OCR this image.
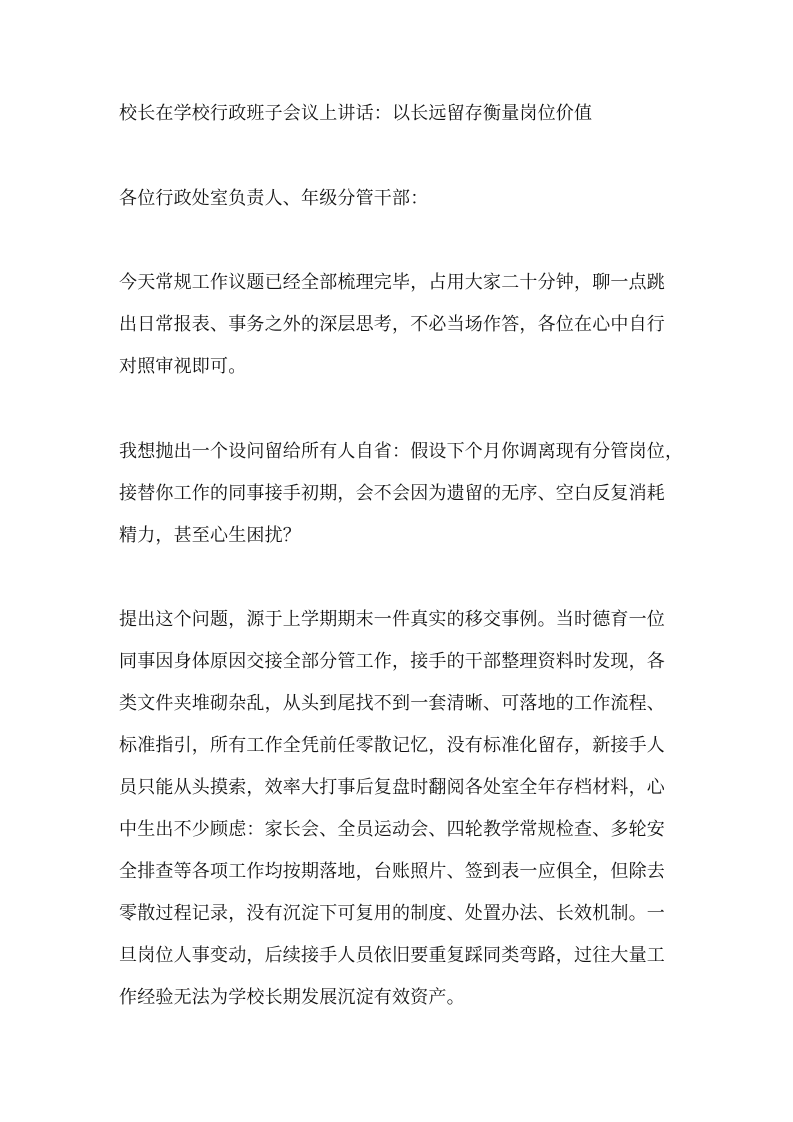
校长在学校行政班子会议上讲话：以长远留存衡量岗位价值
各位行政处室负责人、年级分管干部：
今天常规工作议题已经全部梳理完毕，占用大家二十分钟，聊一点跳
出日常报表、事务之外的深层思考，不必当场作答，各位在心中自行
对照审视即可。
我想抛出一个设问留给所有人自省：假设下个月你调离现有分管岗位，
接替你工作的同事接手初期，会不会因为遗留的无序、空白反复消耗
精力，甚至心生困扰？
提出这个问题，源于上学期期末一件真实的移交事例。当时德育一位
同事因身体原因交接全部分管工作，接手的干部整理资料时发现，各
类文件夹堆砌杂乱，从头到尾找不到一套清晰、可落地的工作流程、
标准指引，所有工作全凭前任零散记忆，没有标准化留存，新接手人
员只能从头摸索，效率大打事后复盘时翻阅各处室全年存档材料，心
中生出不少顾虑：家长会、全员运动会、四轮教学常规检查、多轮安
全排查等各项工作均按期落地，台账照片、签到表一应俱全，但除去
零散过程记录，没有沉淀下可复用的制度、处置办法、长效机制。一
旦岗位人事变动，后续接手人员依旧要重复踩同类弯路，过往大量工
作经验无法为学校长期发展沉淀有效资产。
